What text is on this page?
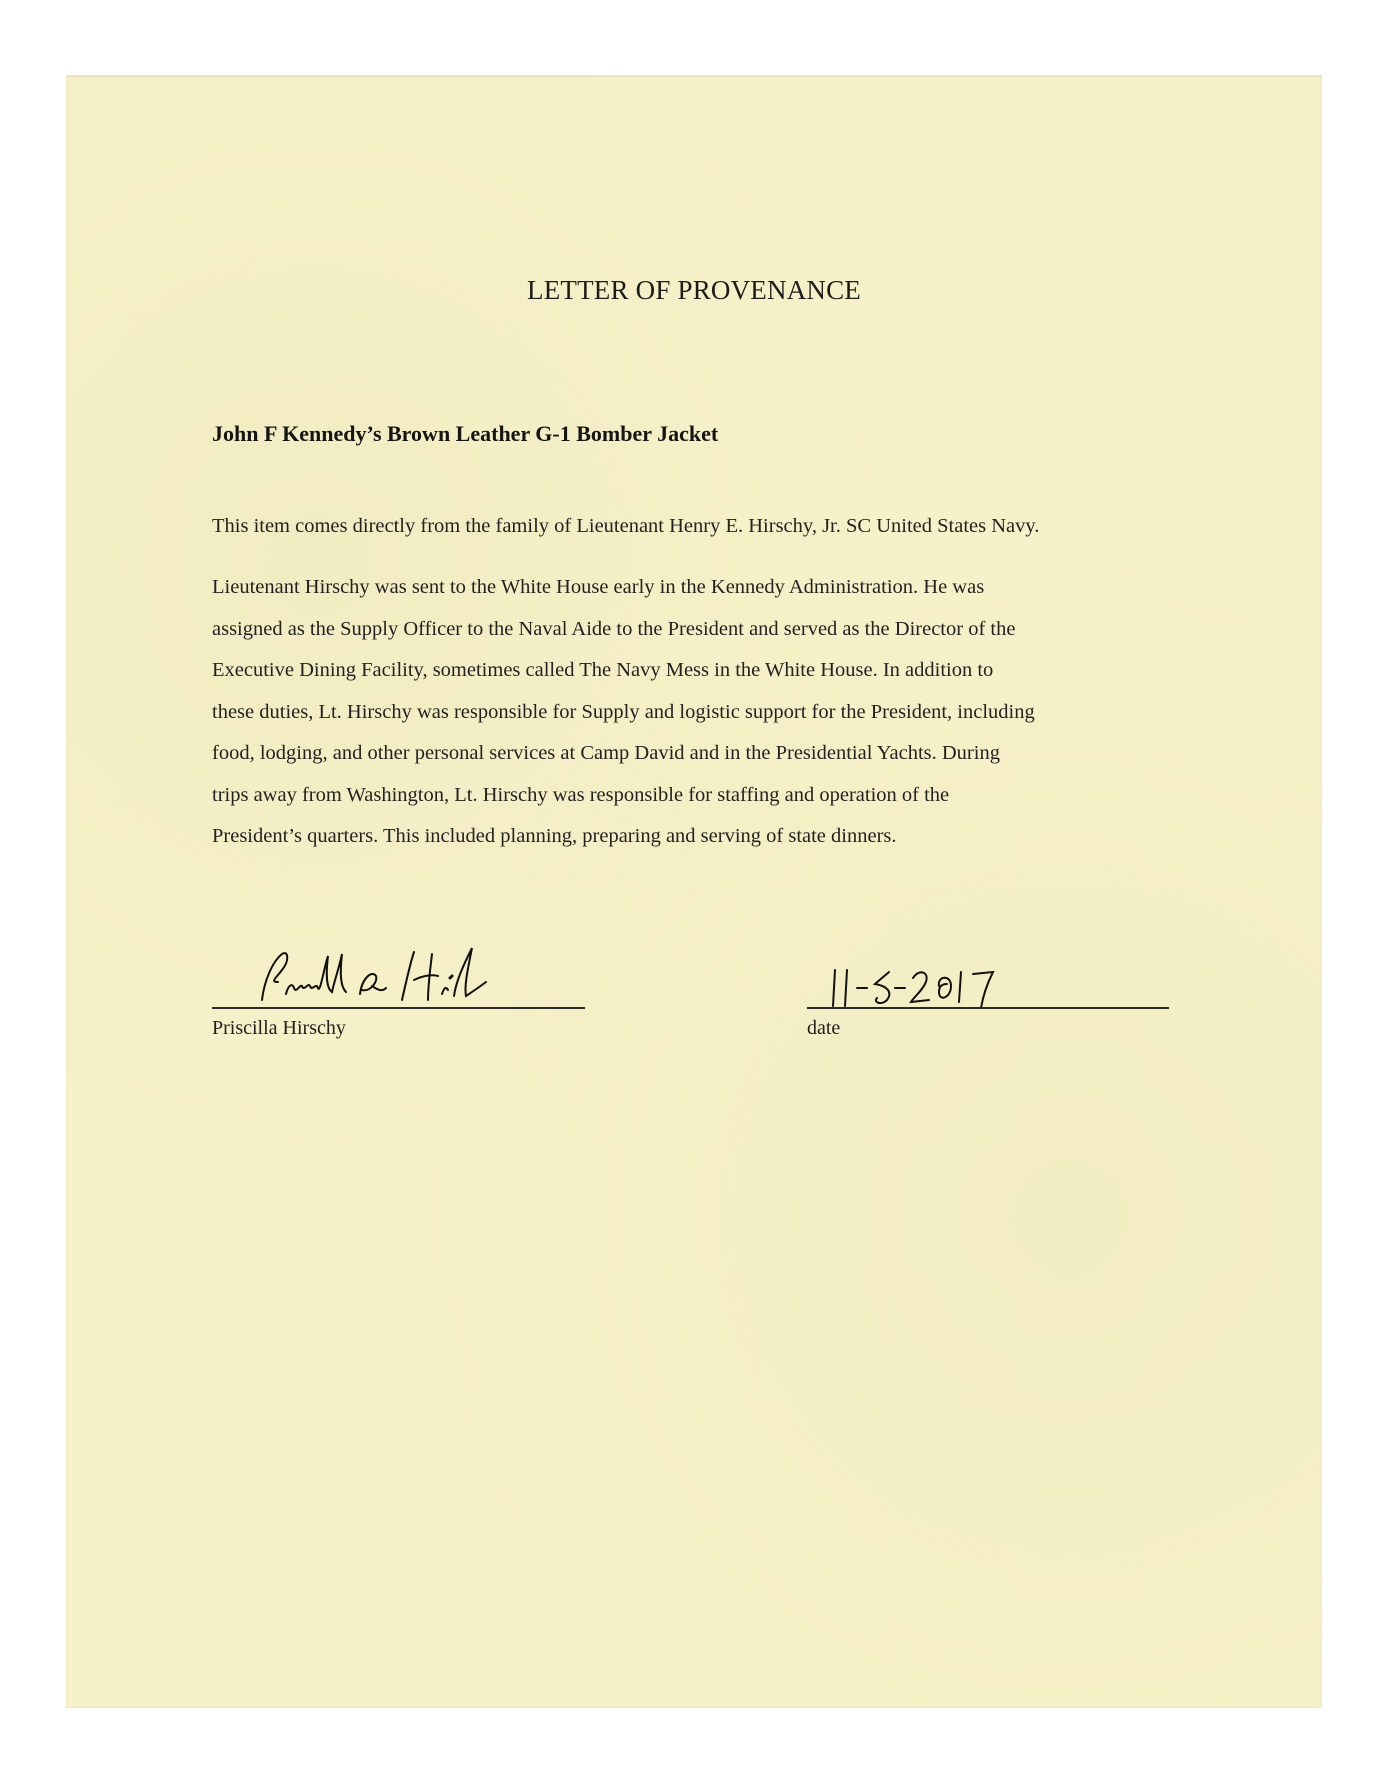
LETTER OF PROVENANCE
John F Kennedy’s Brown Leather G-1 Bomber Jacket
This item comes directly from the family of Lieutenant Henry E. Hirschy, Jr. SC United States Navy.
Lieutenant Hirschy was sent to the White House early in the Kennedy Administration. He was
assigned as the Supply Officer to the Naval Aide to the President and served as the Director of the
Executive Dining Facility, sometimes called The Navy Mess in the White House. In addition to
these duties, Lt. Hirschy was responsible for Supply and logistic support for the President, including
food, lodging, and other personal services at Camp David and in the Presidential Yachts. During
trips away from Washington, Lt. Hirschy was responsible for staffing and operation of the
President’s quarters. This included planning, preparing and serving of state dinners.
Priscilla Hirschy	date
